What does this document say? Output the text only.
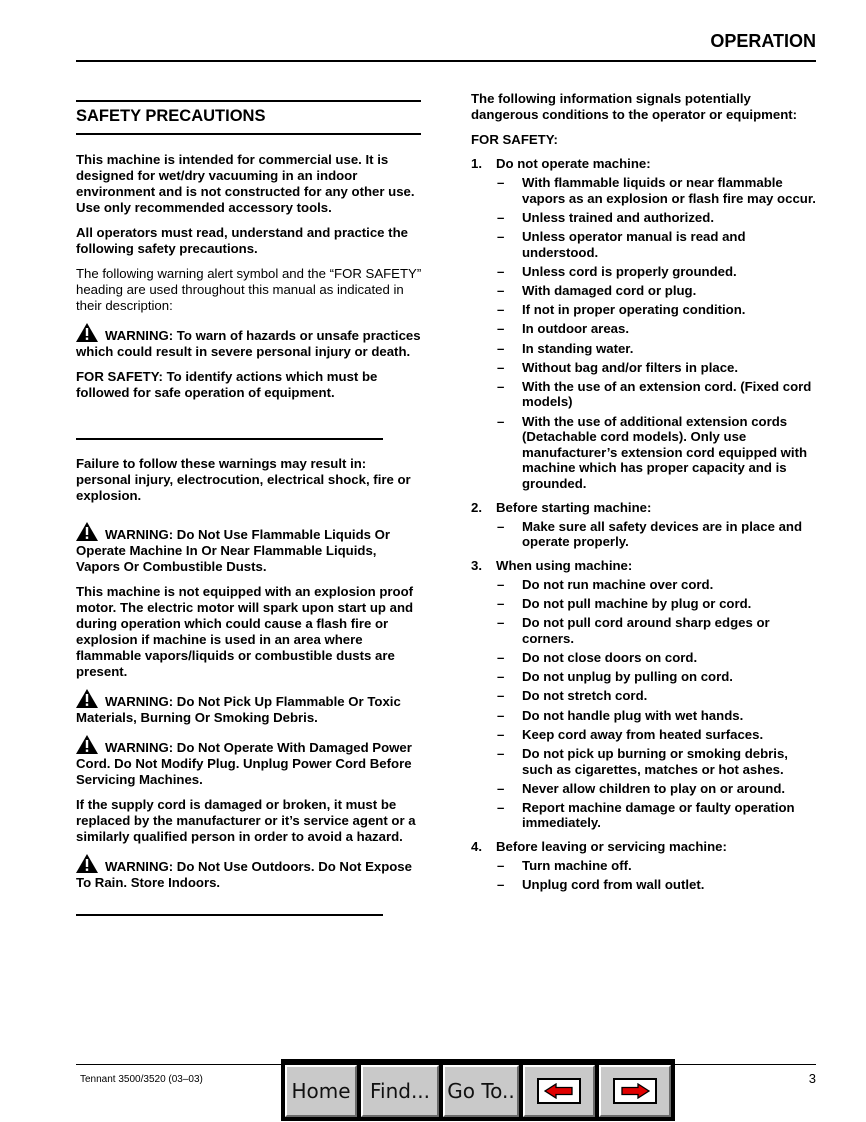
OPERATION
SAFETY PRECAUTIONS

This machine is intended for commercial use. It is designed for wet/dry vacuuming in an indoor environment and is not constructed for any other use. Use only recommended accessory tools.

All operators must read, understand and practice the following safety precautions.

The following warning alert symbol and the “FOR SAFETY” heading are used throughout this manual as indicated in their description:

WARNING: To warn of hazards or unsafe practices which could result in severe personal injury or death.

FOR SAFETY: To identify actions which must be followed for safe operation of equipment.

Failure to follow these warnings may result in: personal injury, electrocution, electrical shock, fire or explosion.

WARNING: Do Not Use Flammable Liquids Or Operate Machine In Or Near Flammable Liquids, Vapors Or Combustible Dusts.

This machine is not equipped with an explosion proof motor. The electric motor will spark upon start up and during operation which could cause a flash fire or explosion if machine is used in an area where flammable vapors/liquids or combustible dusts are present.

WARNING: Do Not Pick Up Flammable Or Toxic Materials, Burning Or Smoking Debris.

WARNING: Do Not Operate With Damaged Power Cord. Do Not Modify Plug. Unplug Power Cord Before Servicing Machines.

If the supply cord is damaged or broken, it must be replaced by the manufacturer or it’s service agent or a similarly qualified person in order to avoid a hazard.

WARNING: Do Not Use Outdoors. Do Not Expose To Rain. Store Indoors.

The following information signals potentially dangerous conditions to the operator or equipment:

FOR SAFETY:

1. Do not operate machine:
– With flammable liquids or near flammable vapors as an explosion or flash fire may occur.
– Unless trained and authorized.
– Unless operator manual is read and understood.
– Unless cord is properly grounded.
– With damaged cord or plug.
– If not in proper operating condition.
– In outdoor areas.
– In standing water.
– Without bag and/or filters in place.
– With the use of an extension cord. (Fixed cord models)
– With the use of additional extension cords (Detachable cord models). Only use manufacturer’s extension cord equipped with machine which has proper capacity and is grounded.
2. Before starting machine:
– Make sure all safety devices are in place and operate properly.
3. When using machine:
– Do not run machine over cord.
– Do not pull machine by plug or cord.
– Do not pull cord around sharp edges or corners.
– Do not close doors on cord.
– Do not unplug by pulling on cord.
– Do not stretch cord.
– Do not handle plug with wet hands.
– Keep cord away from heated surfaces.
– Do not pick up burning or smoking debris, such as cigarettes, matches or hot ashes.
– Never allow children to play on or around.
– Report machine damage or faulty operation immediately.
4. Before leaving or servicing machine:
– Turn machine off.
– Unplug cord from wall outlet.
Tennant 3500/3520 (03–03)	3
Home Find... Go To..
